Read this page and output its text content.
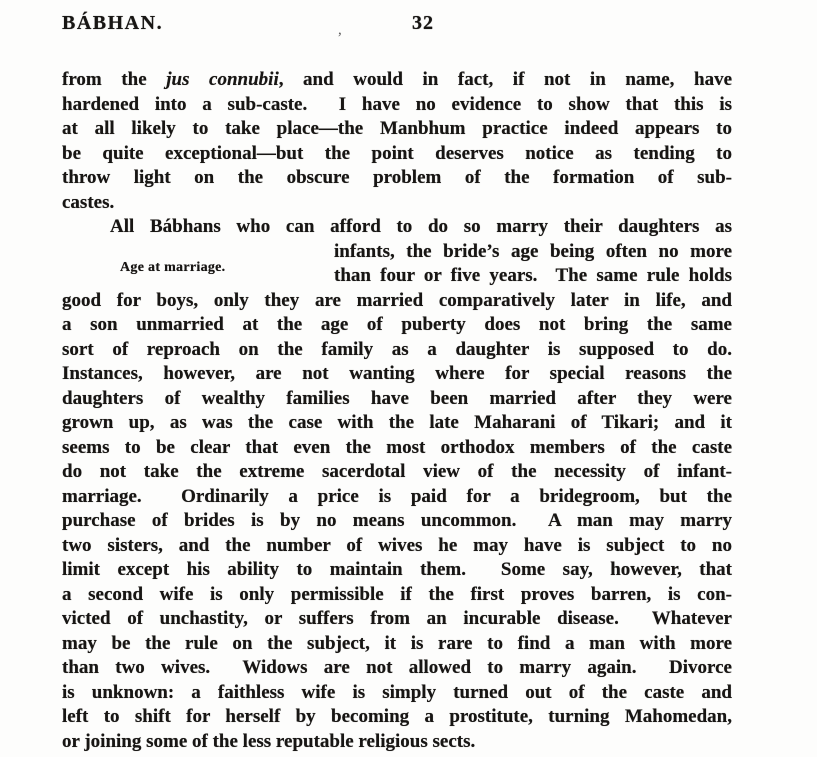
BÁBHAN.	,	32
from the jus connubii, and would in fact, if not in name, have
hardened into a sub-caste.  I have no evidence to show that this is
at all likely to take place—the Manbhum practice indeed appears to
be quite exceptional—but the point deserves notice as tending to
throw light on the obscure problem of the formation of sub-
castes.
Age at marriage.
All Bábhans who can afford to do so marry their daughters as
infants, the bride’s age being often no more
than four or five years.  The same rule holds
good for boys, only they are married comparatively later in life, and
a son unmarried at the age of puberty does not bring the same
sort of reproach on the family as a daughter is supposed to do.
Instances, however, are not wanting where for special reasons the
daughters of wealthy families have been married after they were
grown up, as was the case with the late Maharani of Tikari; and it
seems to be clear that even the most orthodox members of the caste
do not take the extreme sacerdotal view of the necessity of infant-
marriage.  Ordinarily a price is paid for a bridegroom, but the
purchase of brides is by no means uncommon.  A man may marry
two sisters, and the number of wives he may have is subject to no
limit except his ability to maintain them.  Some say, however, that
a second wife is only permissible if the first proves barren, is con-
victed of unchastity, or suffers from an incurable disease.  Whatever
may be the rule on the subject, it is rare to find a man with more
than two wives.  Widows are not allowed to marry again.  Divorce
is unknown: a faithless wife is simply turned out of the caste and
left to shift for herself by becoming a prostitute, turning Mahomedan,
or joining some of the less reputable religious sects.
